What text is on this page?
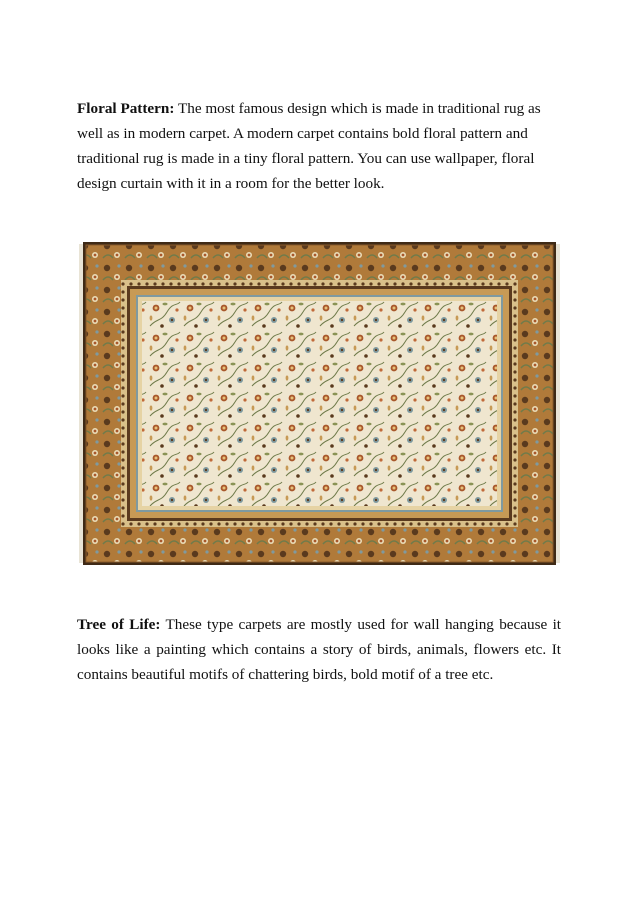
Floral Pattern: The most famous design which is made in traditional rug as well as in modern carpet. A modern carpet contains bold floral pattern and traditional rug is made in a tiny floral pattern. You can use wallpaper, floral design curtain with it in a room for the better look.

Tree of Life: These type carpets are mostly used for wall hanging because it looks like a painting which contains a story of birds, animals, flowers etc. It contains beautiful motifs of chattering birds, bold motif of a tree etc.
